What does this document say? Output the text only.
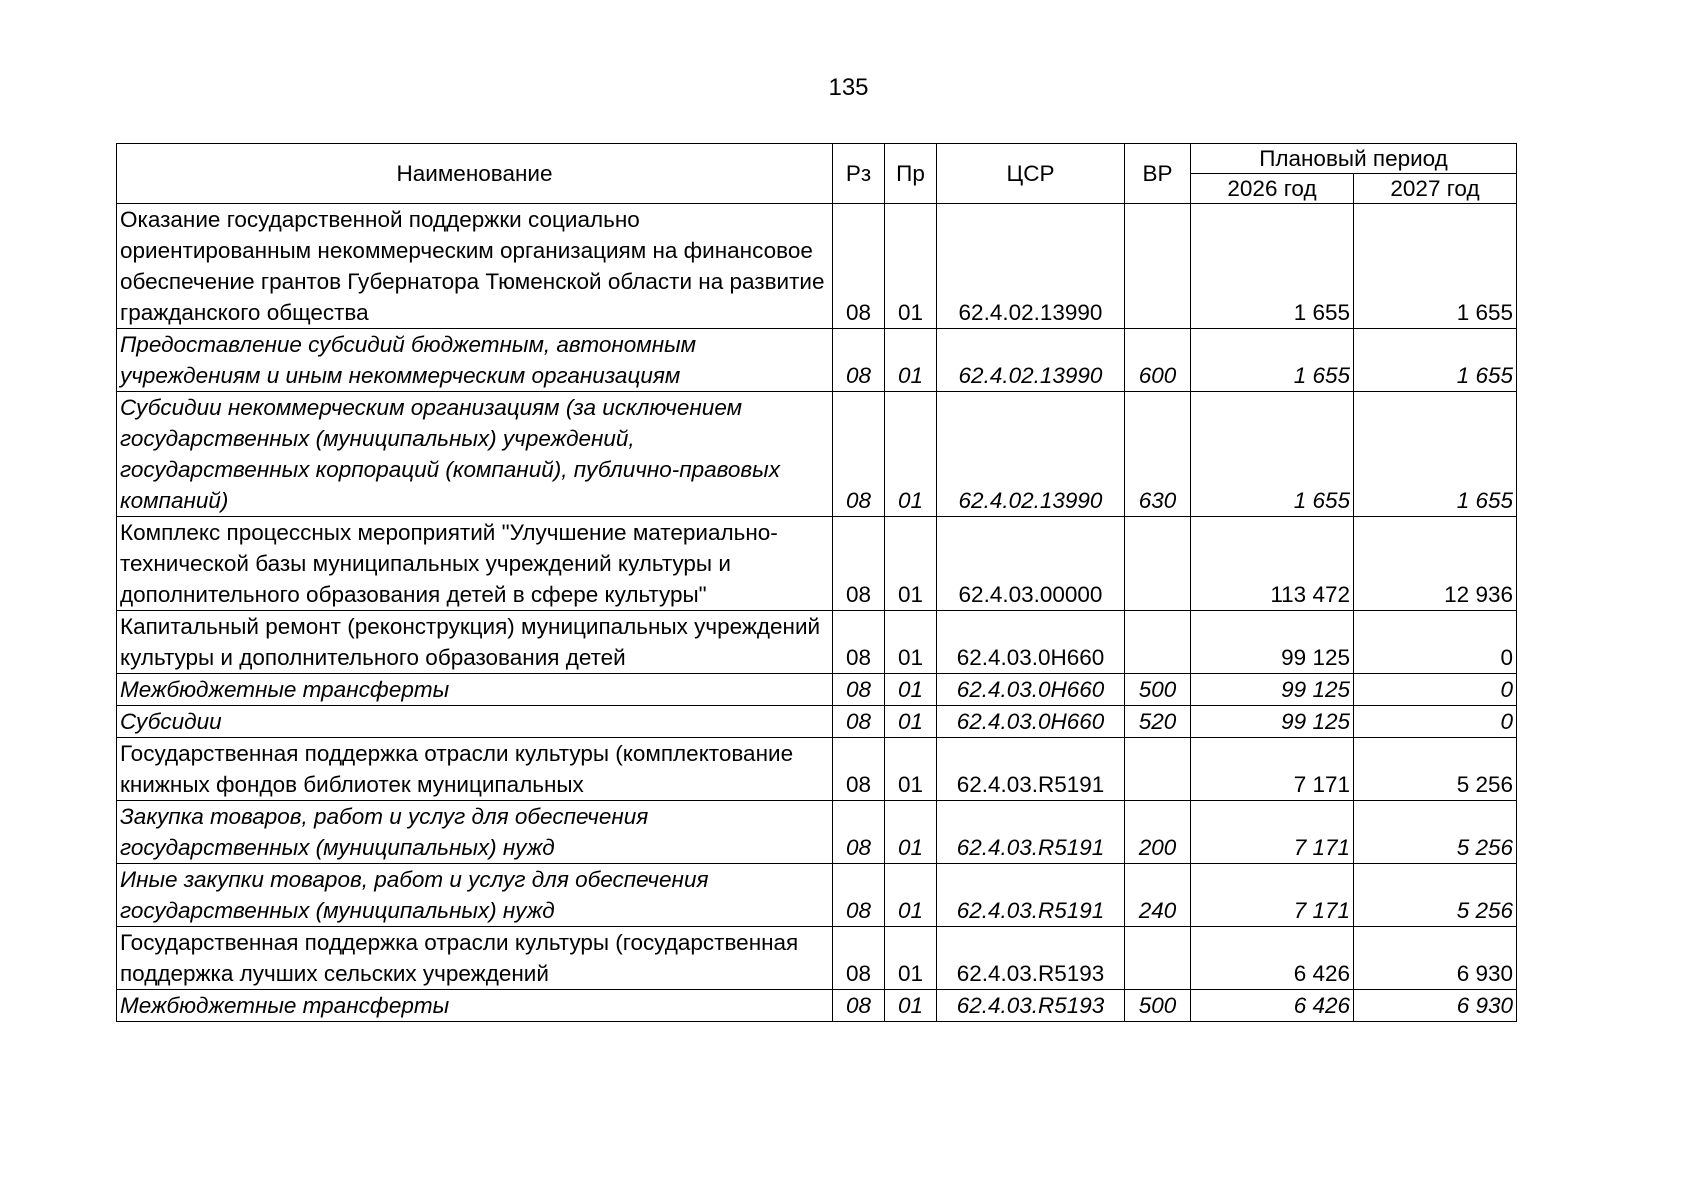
135
Наименование	Рз	Пр	ЦСР	ВР	Плановый период	
					2026 год	2027 год
Оказание государственной поддержки социально ориентированным некоммерческим организациям на финансовое обеспечение грантов Губернатора Тюменской области на развитие гражданского общества	08	01	62.4.02.13990		1 655	1 655
Предоставление субсидий бюджетным, автономным учреждениям и иным некоммерческим организациям	08	01	62.4.02.13990	600	1 655	1 655
Субсидии некоммерческим организациям (за исключением государственных (муниципальных) учреждений, государственных корпораций (компаний), публично-правовых компаний)	08	01	62.4.02.13990	630	1 655	1 655
Комплекс процессных мероприятий "Улучшение материально-технической базы муниципальных учреждений культуры и дополнительного образования детей в сфере культуры"	08	01	62.4.03.00000		113 472	12 936
Капитальный ремонт (реконструкция) муниципальных учреждений культуры и дополнительного образования детей	08	01	62.4.03.0Н660		99 125	0
Межбюджетные трансферты	08	01	62.4.03.0Н660	500	99 125	0
Субсидии	08	01	62.4.03.0Н660	520	99 125	0
Государственная поддержка отрасли культуры (комплектование книжных фондов библиотек муниципальных	08	01	62.4.03.R5191		7 171	5 256
Закупка товаров, работ и услуг для обеспечения государственных (муниципальных) нужд	08	01	62.4.03.R5191	200	7 171	5 256
Иные закупки товаров, работ и услуг для обеспечения государственных (муниципальных) нужд	08	01	62.4.03.R5191	240	7 171	5 256
Государственная поддержка отрасли культуры (государственная поддержка лучших сельских учреждений	08	01	62.4.03.R5193		6 426	6 930
Межбюджетные трансферты	08	01	62.4.03.R5193	500	6 426	6 930
